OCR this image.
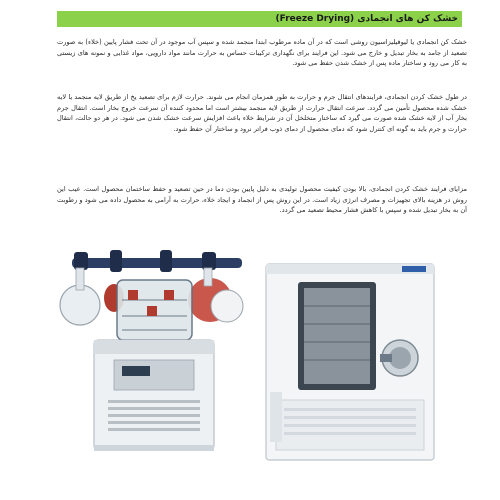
خشک کن های انجمادی (Freeze Drying)
خشک کن انجمادی یا لیوفیلیزاسیون روشی است که در آن ماده مرطوب ابتدا منجمد شده و سپس آب موجود در آن تحت فشار پایین (خلاء) به صورت تصعید از جامد به بخار تبدیل و خارج می شود. این فرایند برای نگهداری ترکیبات حساس به حرارت مانند مواد دارویی، مواد غذایی و نمونه های زیستی به کار می رود و ساختار ماده پس از خشک شدن حفظ می شود.
در طول خشک کردن انجمادی، فرایندهای انتقال جرم و حرارت به طور همزمان انجام می شوند. حرارت لازم برای تصعید یخ از طریق لایه منجمد یا لایه خشک شده محصول تأمین می گردد. سرعت انتقال حرارت از طریق لایه منجمد بیشتر است اما محدود کننده آن سرعت خروج بخار است. انتقال جرم بخار آب از لایه خشک شده صورت می گیرد که ساختار متخلخل آن در شرایط خلاء باعث افزایش سرعت خشک شدن می شود. در هر دو حالت، انتقال حرارت و جرم باید به گونه ای کنترل شود که دمای محصول از دمای ذوب فراتر نرود و ساختار آن حفظ شود.
مزایای فرایند خشک کردن انجمادی، بالا بودن کیفیت محصول تولیدی به دلیل پایین بودن دما در حین تصعید و حفظ ساختمان محصول است. عیب این روش در هزینه بالای تجهیزات و مصرف انرژی زیاد است. در این روش پس از انجماد و ایجاد خلاء، حرارت به آرامی به محصول داده می شود و رطوبت آن به بخار تبدیل شده و سپس با کاهش فشار محیط تصعید می گردد.
